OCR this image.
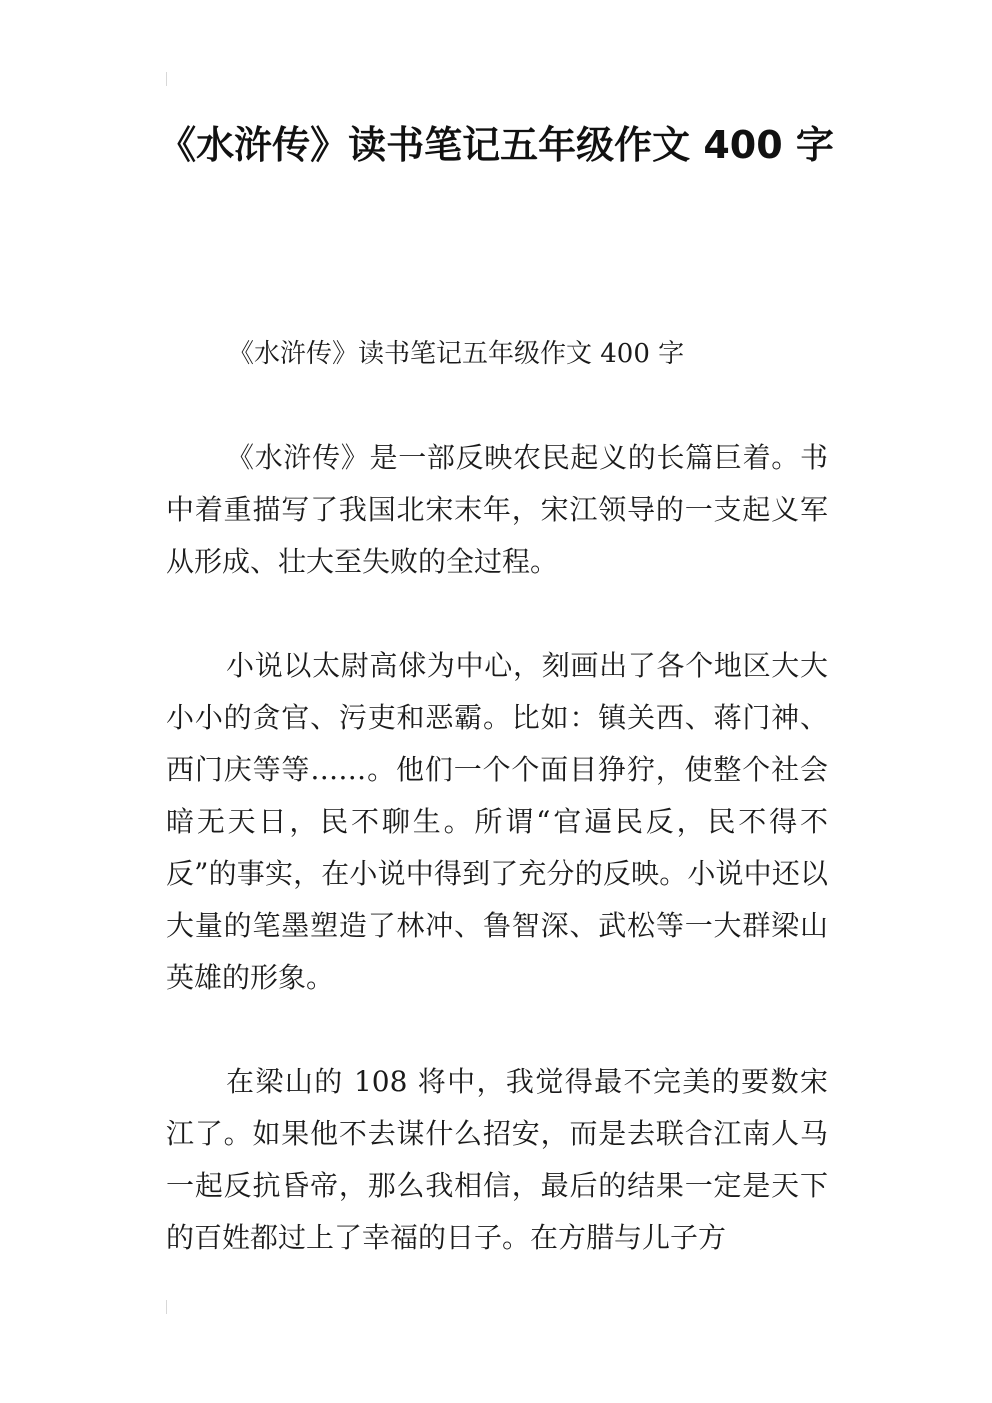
《水浒传》读书笔记五年级作文 400 字

《水浒传》读书笔记五年级作文 400 字

《水浒传》是一部反映农民起义的长篇巨着。书中着重描写了我国北宋末年，宋江领导的一支起义军从形成、壮大至失败的全过程。

小说以太尉高俅为中心，刻画出了各个地区大大小小的贪官、污吏和恶霸。比如：镇关西、蒋门神、西门庆等等……。他们一个个面目狰狞，使整个社会暗无天日，民不聊生。所谓“官逼民反，民不得不反”的事实，在小说中得到了充分的反映。小说中还以大量的笔墨塑造了林冲、鲁智深、武松等一大群梁山英雄的形象。

在梁山的 108 将中，我觉得最不完美的要数宋江了。如果他不去谋什么招安，而是去联合江南人马一起反抗昏帝，那么我相信，最后的结果一定是天下的百姓都过上了幸福的日子。在方腊与儿子方
